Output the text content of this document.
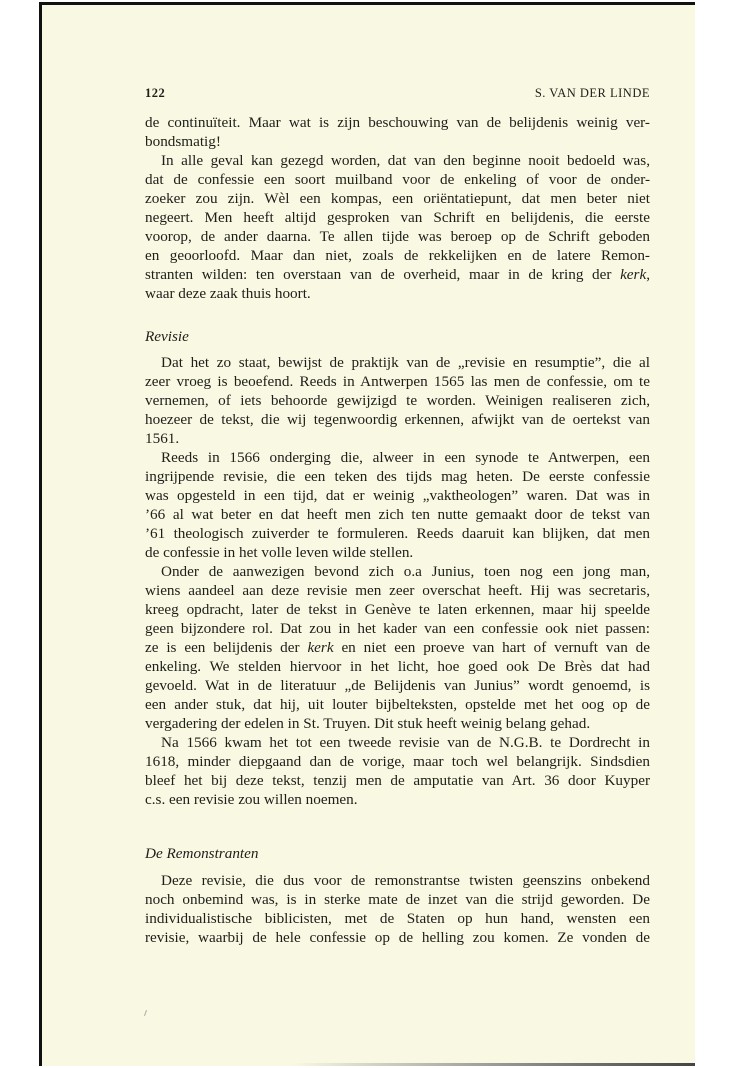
122	S. VAN DER LINDE
de continuïteit. Maar wat is zijn beschouwing van de belijdenis weinig ver-
bondsmatig!
In alle geval kan gezegd worden, dat van den beginne nooit bedoeld was,
dat de confessie een soort muilband voor de enkeling of voor de onder-
zoeker zou zijn. Wèl een kompas, een oriëntatiepunt, dat men beter niet
negeert. Men heeft altijd gesproken van Schrift en belijdenis, die eerste
voorop, de ander daarna. Te allen tijde was beroep op de Schrift geboden
en geoorloofd. Maar dan niet, zoals de rekkelijken en de latere Remon-
stranten wilden: ten overstaan van de overheid, maar in de kring der kerk,
waar deze zaak thuis hoort.
Revisie
Dat het zo staat, bewijst de praktijk van de „revisie en resumptie”, die al
zeer vroeg is beoefend. Reeds in Antwerpen 1565 las men de confessie, om te
vernemen, of iets behoorde gewijzigd te worden. Weinigen realiseren zich,
hoezeer de tekst, die wij tegenwoordig erkennen, afwijkt van de oertekst van
1561.
Reeds in 1566 onderging die, alweer in een synode te Antwerpen, een
ingrijpende revisie, die een teken des tijds mag heten. De eerste confessie
was opgesteld in een tijd, dat er weinig „vaktheologen” waren. Dat was in
’66 al wat beter en dat heeft men zich ten nutte gemaakt door de tekst van
’61 theologisch zuiverder te formuleren. Reeds daaruit kan blijken, dat men
de confessie in het volle leven wilde stellen.
Onder de aanwezigen bevond zich o.a Junius, toen nog een jong man,
wiens aandeel aan deze revisie men zeer overschat heeft. Hij was secretaris,
kreeg opdracht, later de tekst in Genève te laten erkennen, maar hij speelde
geen bijzondere rol. Dat zou in het kader van een confessie ook niet passen:
ze is een belijdenis der kerk en niet een proeve van hart of vernuft van de
enkeling. We stelden hiervoor in het licht, hoe goed ook De Brès dat had
gevoeld. Wat in de literatuur „de Belijdenis van Junius” wordt genoemd, is
een ander stuk, dat hij, uit louter bijbelteksten, opstelde met het oog op de
vergadering der edelen in St. Truyen. Dit stuk heeft weinig belang gehad.
Na 1566 kwam het tot een tweede revisie van de N.G.B. te Dordrecht in
1618, minder diepgaand dan de vorige, maar toch wel belangrijk. Sindsdien
bleef het bij deze tekst, tenzij men de amputatie van Art. 36 door Kuyper
c.s. een revisie zou willen noemen.
De Remonstranten
Deze revisie, die dus voor de remonstrantse twisten geenszins onbekend
noch onbemind was, is in sterke mate de inzet van die strijd geworden. De
individualistische biblicisten, met de Staten op hun hand, wensten een
revisie, waarbij de hele confessie op de helling zou komen. Ze vonden de
